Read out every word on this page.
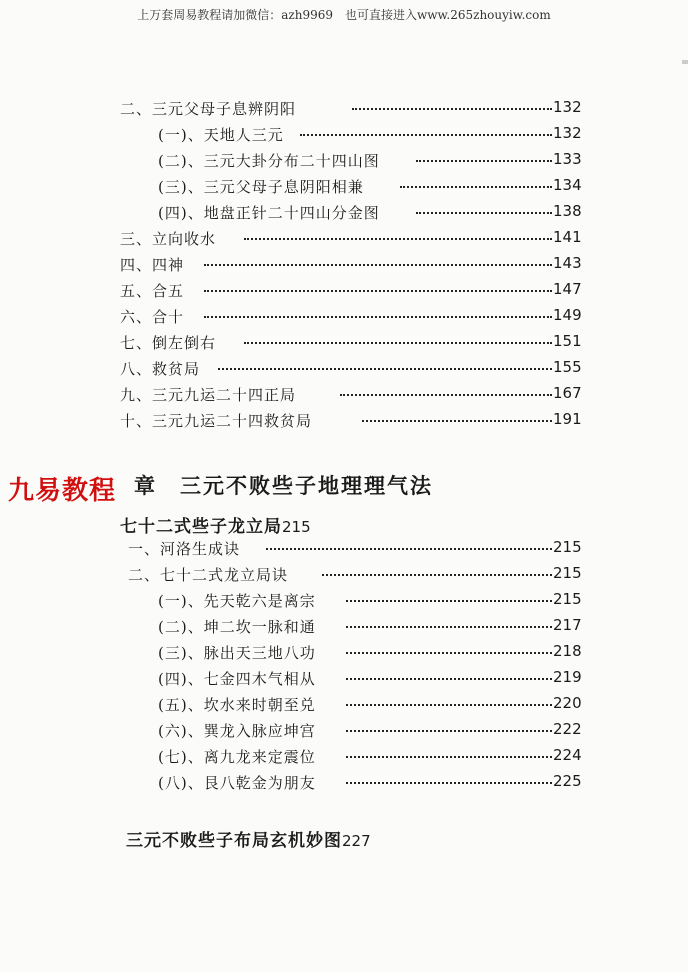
上万套周易教程请加微信：azh9969　也可直接进入www.265zhouyiw.com
二、三元父母子息辨阴阳	132
(一)、天地人三元	132
(二)、三元大卦分布二十四山图	133
(三)、三元父母子息阴阳相兼	134
(四)、地盘正针二十四山分金图	138
三、立向收水	141
四、四神	143
五、合五	147
六、合十	149
七、倒左倒右	151
八、救贫局	155
九、三元九运二十四正局	167
十、三元九运二十四救贫局	191
九易教程 章　三元不败些子地理理气法
七十二式些子龙立局215
一、河洛生成诀	215
二、七十二式龙立局诀	215
(一)、先天乾六是离宗	215
(二)、坤二坎一脉和通	217
(三)、脉出天三地八功	218
(四)、七金四木气相从	219
(五)、坎水来时朝至兑	220
(六)、巽龙入脉应坤宫	222
(七)、离九龙来定震位	224
(八)、艮八乾金为朋友	225
三元不败些子布局玄机妙图227
